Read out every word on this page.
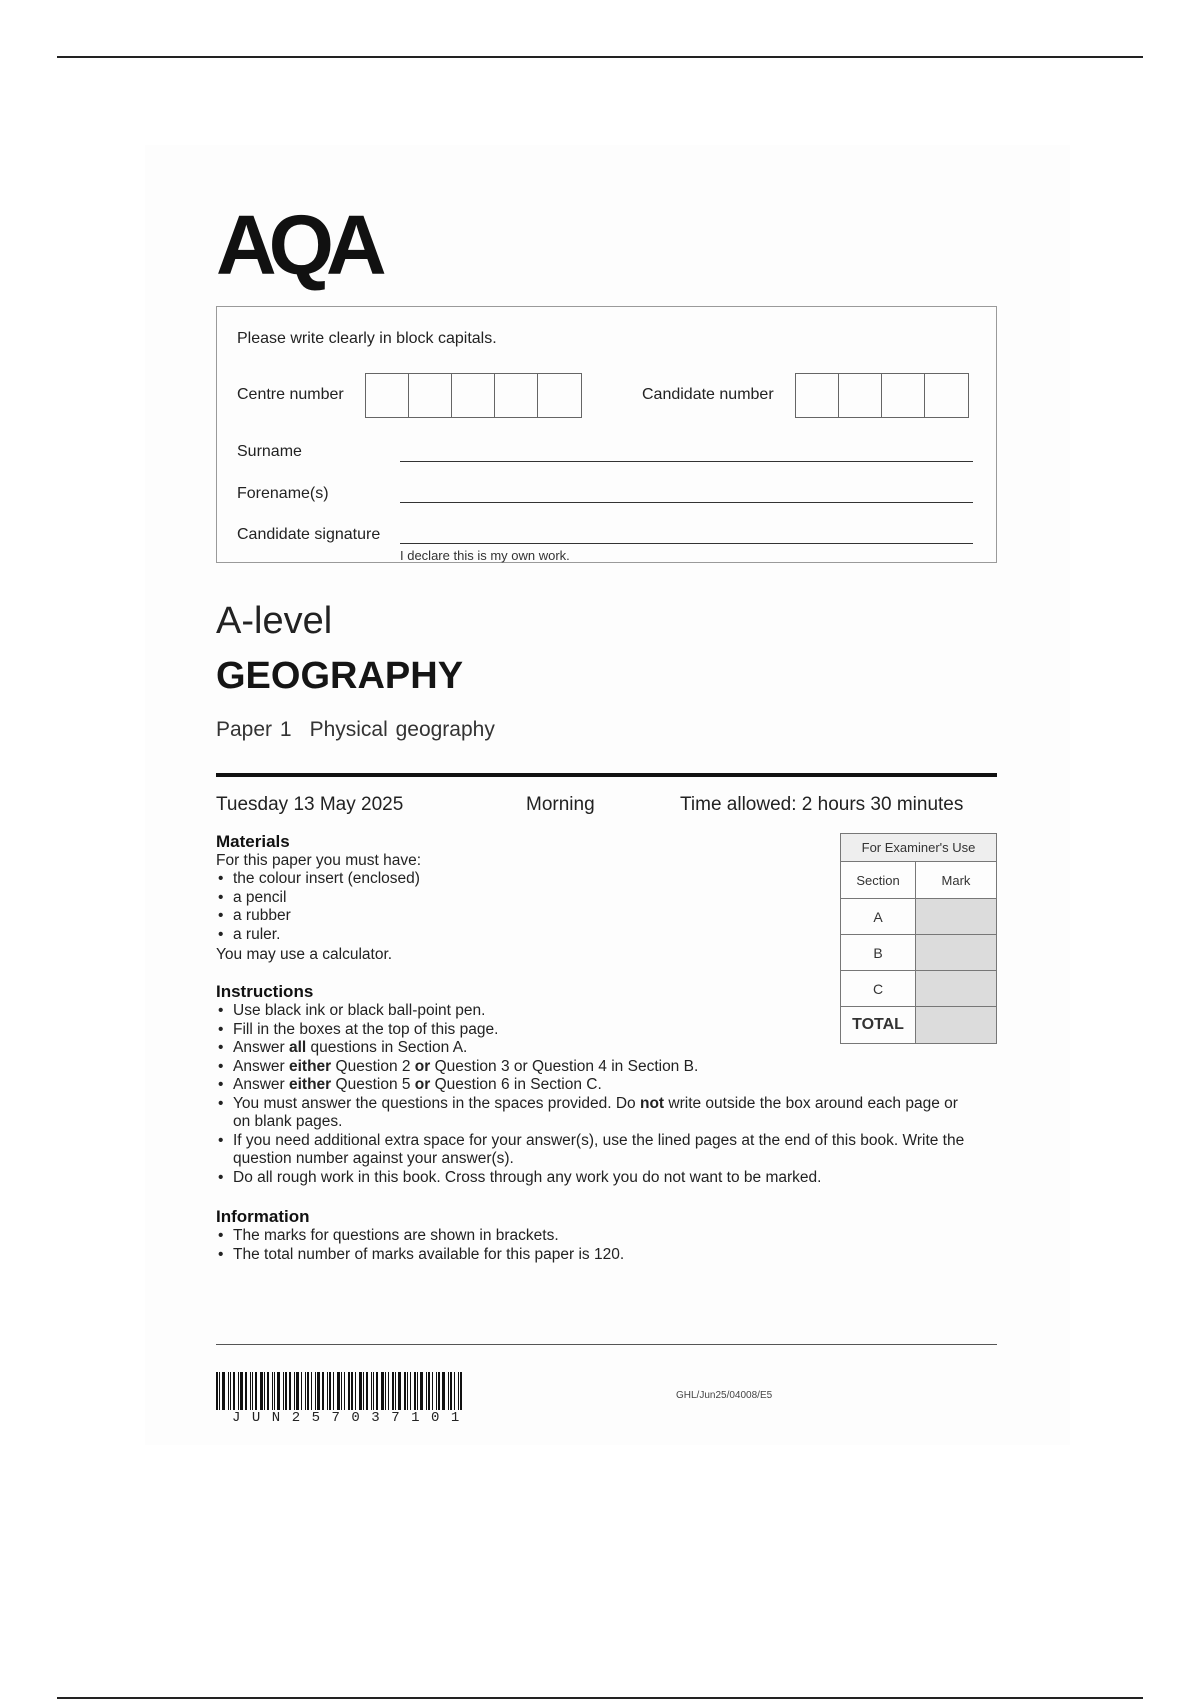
AQA
Please write clearly in block capitals.
Centre number	Candidate number
Surname
Forename(s)
Candidate signature
I declare this is my own work.
A-level
GEOGRAPHY
Paper 1 Physical geography
Tuesday 13 May 2025	Morning	Time allowed: 2 hours 30 minutes
Materials
For this paper you must have:
• the colour insert (enclosed)
• a pencil
• a rubber
• a ruler.
You may use a calculator.
Instructions
• Use black ink or black ball-point pen.
• Fill in the boxes at the top of this page.
• Answer all questions in Section A.
• Answer either Question 2 or Question 3 or Question 4 in Section B.
• Answer either Question 5 or Question 6 in Section C.
• You must answer the questions in the spaces provided. Do not write outside the box around each page or on blank pages.
• If you need additional extra space for your answer(s), use the lined pages at the end of this book. Write the question number against your answer(s).
• Do all rough work in this book. Cross through any work you do not want to be marked.
Information
• The marks for questions are shown in brackets.
• The total number of marks available for this paper is 120.
For Examiner's Use	
Section	Mark
A	
B	
C	
TOTAL	
JUN257037101
GHL/Jun25/04008/E5
